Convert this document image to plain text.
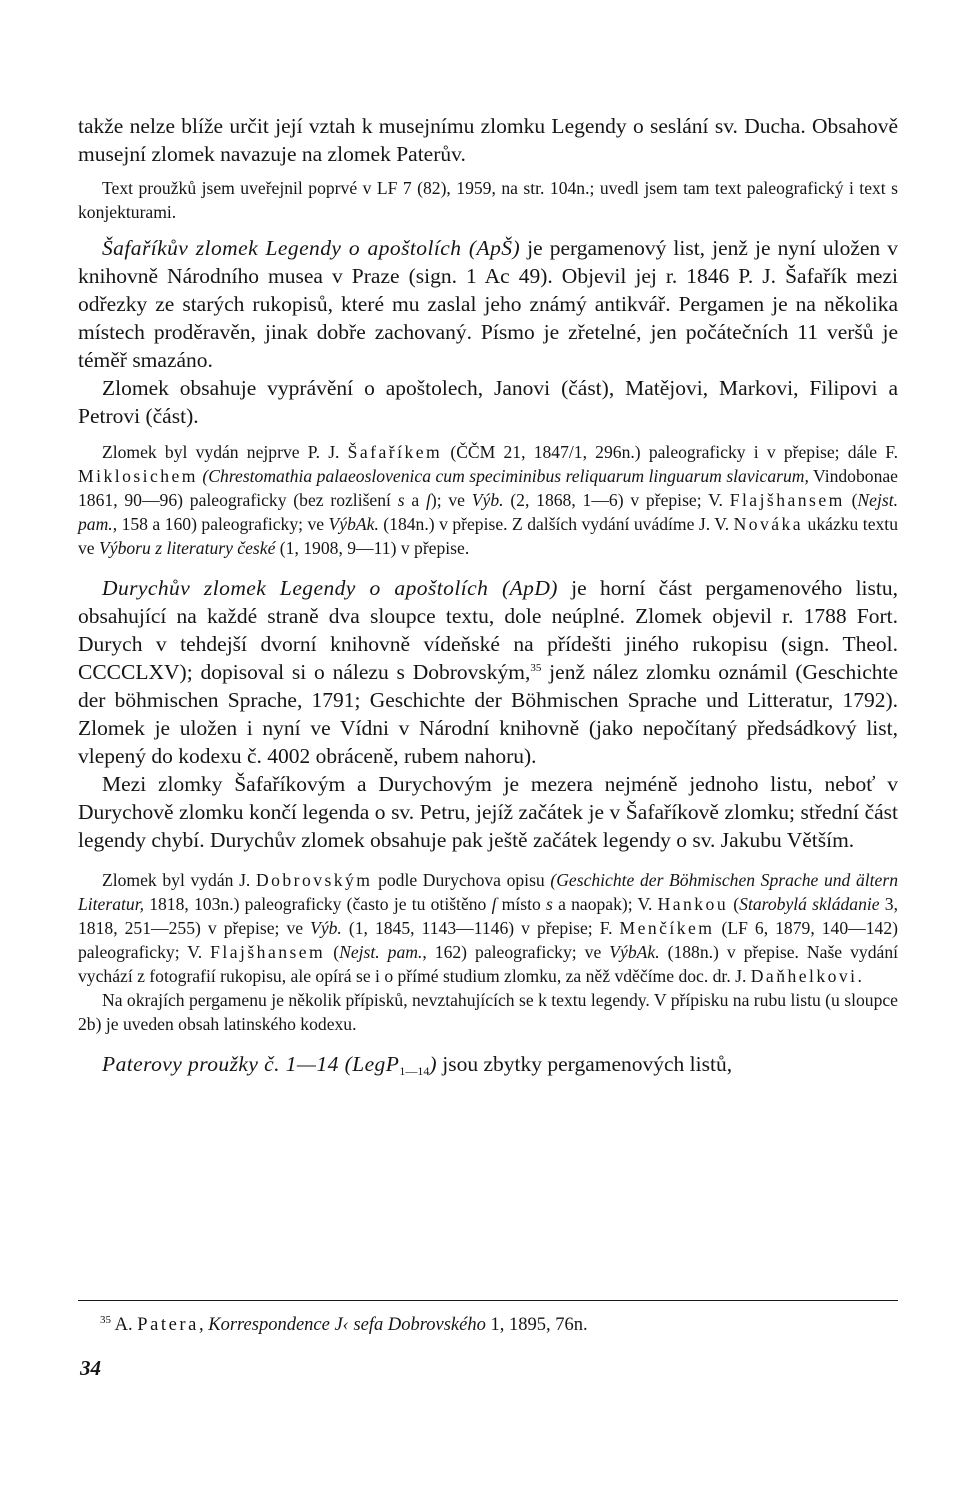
takže nelze blíže určit její vztah k musejnímu zlomku Legendy o seslání sv. Ducha. Obsahově musejní zlomek navazuje na zlomek Paterův.

Text proužků jsem uveřejnil poprvé v LF 7 (82), 1959, na str. 104n.; uvedl jsem tam text paleografický i text s konjekturami.

Šafaříkův zlomek Legendy o apoštolích (ApŠ) je pergamenový list, jenž je nyní uložen v knihovně Národního musea v Praze (sign. 1 Ac 49). Objevil jej r. 1846 P. J. Šafařík mezi odřezky ze starých rukopisů, které mu zaslal jeho známý antikvář. Pergamen je na několika místech proděravěn, jinak dobře zachovaný. Písmo je zřetelné, jen počátečních 11 veršů je téměř smazáno.

Zlomek obsahuje vyprávění o apoštolech, Janovi (část), Matějovi, Markovi, Filipovi a Petrovi (část).

Zlomek byl vydán nejprve P. J. Šafaříkem (ČČM 21, 1847/1, 296n.) paleograficky i v přepise; dále F. Miklosichem (Chrestomathia palaeoslovenica cum speciminibus reliquarum linguarum slavicarum, Vindobonae 1861, 90—96) paleograficky (bez rozlišení s a ſ); ve Výb. (2, 1868, 1—6) v přepise; V. Flajšhansem (Nejst. pam., 158 a 160) paleograficky; ve VýbAk. (184n.) v přepise. Z dalších vydání uvádíme J. V. Nováka ukázku textu ve Výboru z literatury české (1, 1908, 9—11) v přepise.

Durychův zlomek Legendy o apoštolích (ApD) je horní část pergamenového listu, obsahující na každé straně dva sloupce textu, dole neúplné. Zlomek objevil r. 1788 Fort. Durych v tehdejší dvorní knihovně vídeňské na přídešti jiného rukopisu (sign. Theol. CCCCLXV); dopisoval si o nálezu s Dobrovským,$^{35}$ jenž nález zlomku oznámil (Geschichte der böhmischen Sprache, 1791; Geschichte der Böhmischen Sprache und Litteratur, 1792). Zlomek je uložen i nyní ve Vídni v Národní knihovně (jako nepočítaný předsádkový list, vlepený do kodexu č. 4002 obráceně, rubem nahoru).

Mezi zlomky Šafaříkovým a Durychovým je mezera nejméně jednoho listu, neboť v Durychově zlomku končí legenda o sv. Petru, jejíž začátek je v Šafaříkově zlomku; střední část legendy chybí. Durychův zlomek obsahuje pak ještě začátek legendy o sv. Jakubu Větším.

Zlomek byl vydán J. Dobrovským podle Durychova opisu (Geschichte der Böhmischen Sprache und ältern Literatur, 1818, 103n.) paleograficky (často je tu otištěno ſ místo s a naopak); V. Hankou (Starobylá skládanie 3, 1818, 251—255) v přepise; ve Výb. (1, 1845, 1143—1146) v přepise; F. Menčíkem (LF 6, 1879, 140—142) paleograficky; V. Flajšhansem (Nejst. pam., 162) paleograficky; ve VýbAk. (188n.) v přepise. Naše vydání vychází z fotografií rukopisu, ale opírá se i o přímé studium zlomku, za něž vděčíme doc. dr. J. Daňhelkovi.

Na okrajích pergamenu je několik přípisků, nevztahujících se k textu legendy. V přípisku na rubu listu (u sloupce 2b) je uveden obsah latinského kodexu.

Paterovy proužky č. 1—14 (LegP$_{1—14}$) jsou zbytky pergamenových listů,

$^{35}$ A. Patera, Korrespondence J‹ sefa Dobrovského 1, 1895, 76n.

34
